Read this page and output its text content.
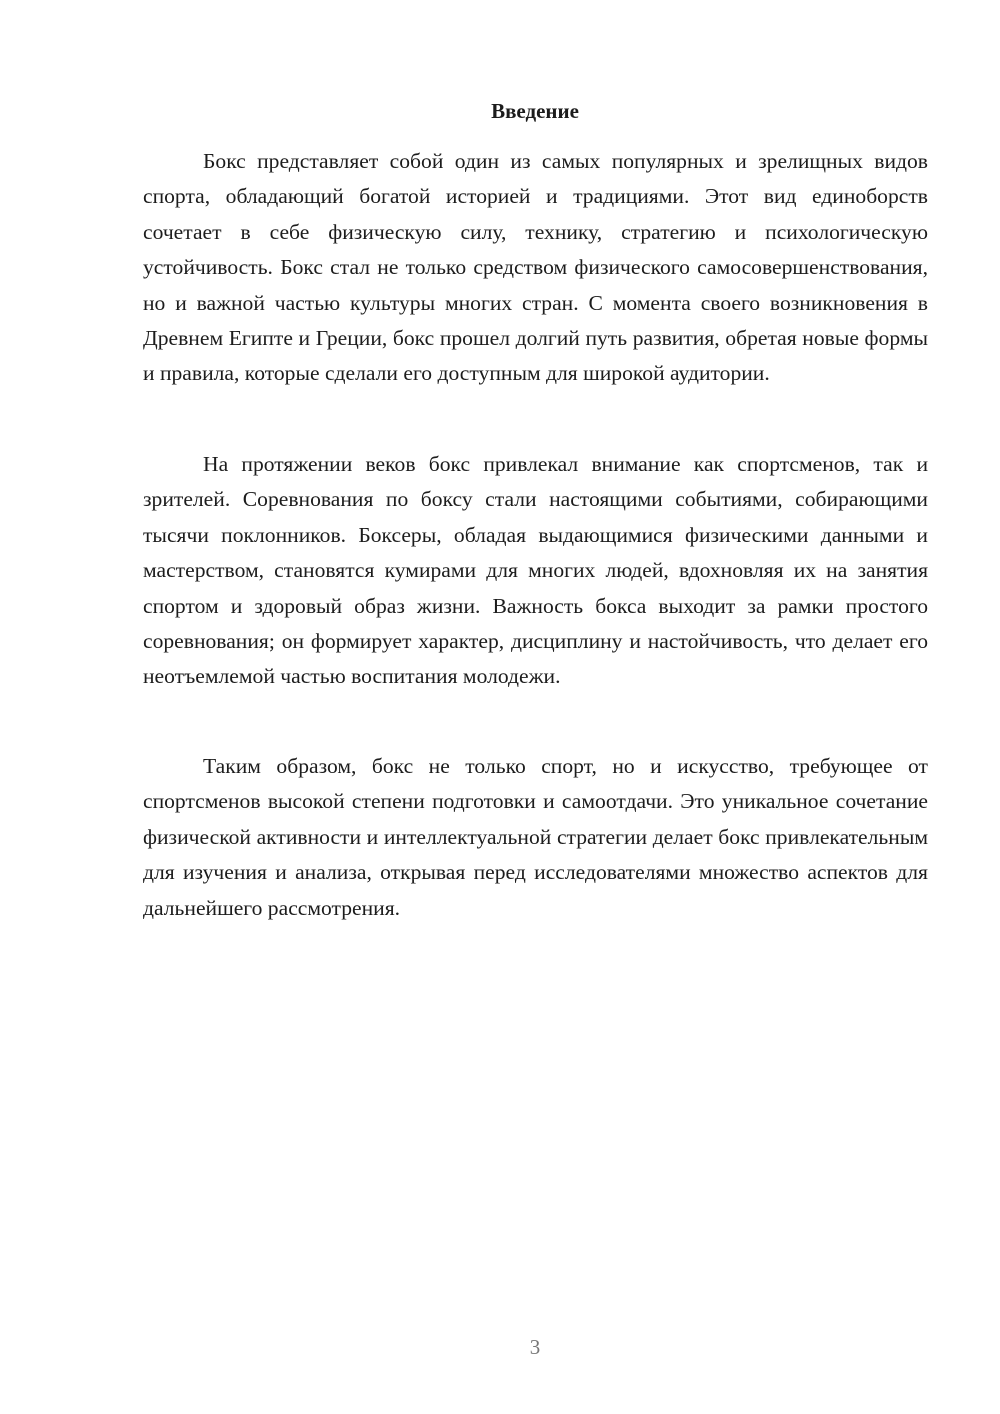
Введение

Бокс представляет собой один из самых популярных и зрелищных видов спорта, обладающий богатой историей и традициями. Этот вид единоборств сочетает в себе физическую силу, технику, стратегию и психологическую устойчивость. Бокс стал не только средством физического самосовершенствования, но и важной частью культуры многих стран. С момента своего возникновения в Древнем Египте и Греции, бокс прошел долгий путь развития, обретая новые формы и правила, которые сделали его доступным для широкой аудитории.

На протяжении веков бокс привлекал внимание как спортсменов, так и зрителей. Соревнования по боксу стали настоящими событиями, собирающими тысячи поклонников. Боксеры, обладая выдающимися физическими данными и мастерством, становятся кумирами для многих людей, вдохновляя их на занятия спортом и здоровый образ жизни. Важность бокса выходит за рамки простого соревнования; он формирует характер, дисциплину и настойчивость, что делает его неотъемлемой частью воспитания молодежи.

Таким образом, бокс не только спорт, но и искусство, требующее от спортсменов высокой степени подготовки и самоотдачи. Это уникальное сочетание физической активности и интеллектуальной стратегии делает бокс привлекательным для изучения и анализа, открывая перед исследователями множество аспектов для дальнейшего рассмотрения.

3
